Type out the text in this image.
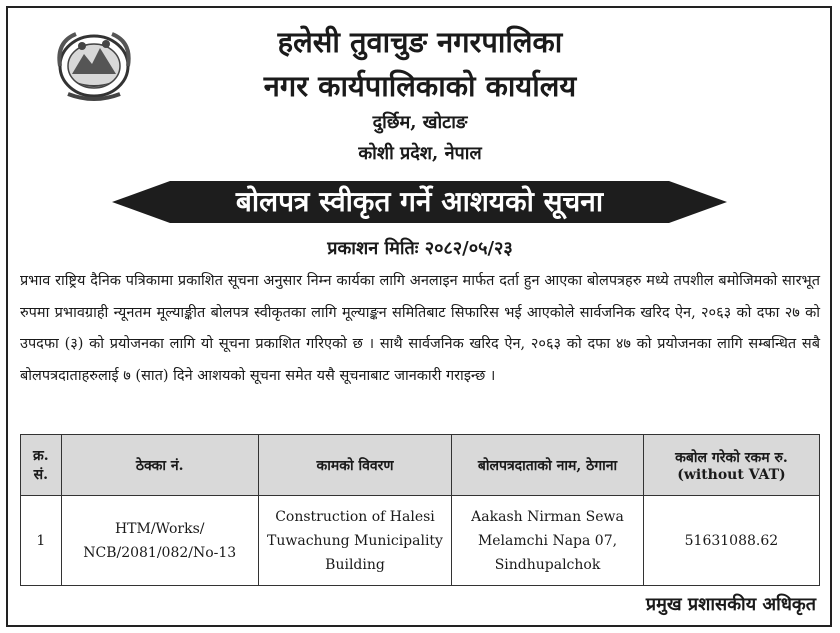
हलेसी तुवाचुङ नगरपालिका
नगर कार्यपालिकाको कार्यालय
दुर्छिम, खोटाङ
कोशी प्रदेश, नेपाल
बोलपत्र स्वीकृत गर्ने आशयको सूचना
प्रकाशन मितिः २०८२/०५/२३
प्रभाव राष्ट्रिय दैनिक पत्रिकामा प्रकाशित सूचना अनुसार निम्न कार्यका लागि अनलाइन मार्फत दर्ता हुन आएका बोलपत्रहरु मध्ये तपशील बमोजिमको सारभूत रुपमा प्रभावग्राही न्यूनतम मूल्याङ्कीत बोलपत्र स्वीकृतका लागि मूल्याङ्कन समितिबाट सिफारिस भई आएकोले सार्वजनिक खरिद ऐन, २०६३ को दफा २७ को उपदफा (३) को प्रयोजनका लागि यो सूचना प्रकाशित गरिएको छ । साथै सार्वजनिक खरिद ऐन, २०६३ को दफा ४७ को प्रयोजनका लागि सम्बन्धित सबै बोलपत्रदाताहरुलाई ७ (सात) दिने आशयको सूचना समेत यसै सूचनाबाट जानकारी गराइन्छ ।
क्र. सं.	ठेक्का नं.	कामको विवरण	बोलपत्रदाताको नाम, ठेगाना	कबोल गरेको रकम रु.
(without VAT)

1	HTM/Works/ NCB/2081/082/No-13	Construction of Halesi Tuwachung Municipality Building	Aakash Nirman Sewa Melamchi Napa 07, Sindhupalchok	51631088.62
प्रमुख प्रशासकीय अधिकृत
